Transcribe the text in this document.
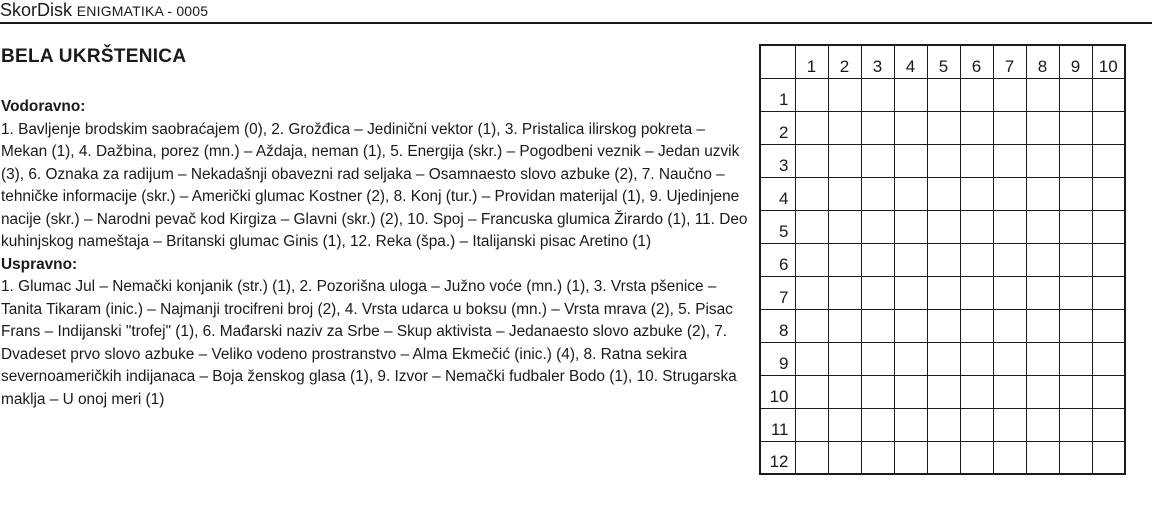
SkorDisk ENIGMATIKA - 0005
BELA UKRŠTENICA
Vodoravno:
1. Bavljenje brodskim saobraćajem (0), 2. Grožđica – Jedinični vektor (1), 3. Pristalica ilirskog pokreta – Mekan (1), 4. Dažbina, porez (mn.) – Aždaja, neman (1), 5. Energija (skr.) – Pogodbeni veznik – Jedan uzvik (3), 6. Oznaka za radijum – Nekadašnji obavezni rad seljaka – Osamnaesto slovo azbuke (2), 7. Naučno – tehničke informacije (skr.) – Američki glumac Kostner (2), 8. Konj (tur.) – Providan materijal (1), 9. Ujedinjene nacije (skr.) – Narodni pevač kod Kirgiza – Glavni (skr.) (2), 10. Spoj – Francuska glumica Žirardo (1), 11. Deo kuhinjskog nameštaja – Britanski glumac Ginis (1), 12. Reka (špa.) – Italijanski pisac Aretino (1)
Uspravno:
1. Glumac Jul – Nemački konjanik (str.) (1), 2. Pozorišna uloga – Južno voće (mn.) (1), 3. Vrsta pšenice – Tanita Tikaram (inic.) – Najmanji trocifreni broj (2), 4. Vrsta udarca u boksu (mn.) – Vrsta mrava (2), 5. Pisac Frans – Indijanski "trofej" (1), 6. Mađarski naziv za Srbe – Skup aktivista – Jedanaesto slovo azbuke (2), 7. Dvadeset prvo slovo azbuke – Veliko vodeno prostranstvo – Alma Ekmečić (inic.) (4), 8. Ratna sekira severnoameričkih indijanaca – Boja ženskog glasa (1), 9. Izvor – Nemački fudbaler Bodo (1), 10. Strugarska maklja – U onoj meri (1)
	1	2	3	4	5	6	7	8	9	10
1										
2										
3										
4										
5										
6										
7										
8										
9										
10										
11										
12										
